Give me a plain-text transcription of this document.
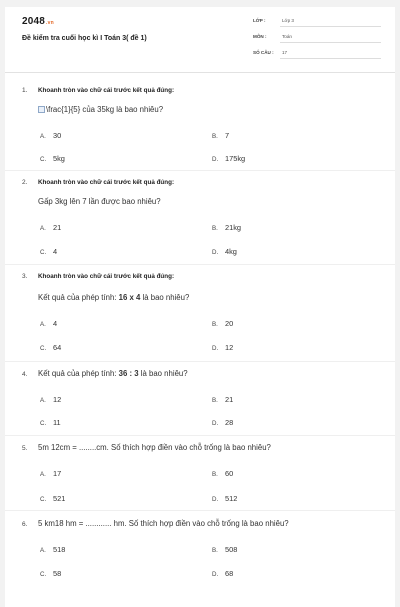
2048.vn
Đề kiểm tra cuối học kì I Toán 3( đề 1)
LỚP :	Lớp 3
MÔN :	Toán
SỐ CÂU : 17
1. Khoanh tròn vào chữ cái trước kết quả đúng:
\frac{1}{5} của 35kg là bao nhiêu?
A. 30	B. 7
C. 5kg	D. 175kg
2. Khoanh tròn vào chữ cái trước kết quả đúng:
Gấp 3kg lên 7 lần được bao nhiêu?
A. 21	B. 21kg
C. 4	D. 4kg
3. Khoanh tròn vào chữ cái trước kết quả đúng:
Kết quả của phép tính: 16 x 4 là bao nhiêu?
A. 4	B. 20
C. 64	D. 12
4. Kết quả của phép tính: 36 : 3 là bao nhiêu?
A. 12	B. 21
C. 11	D. 28
5. 5m 12cm = ........cm. Số thích hợp điền vào chỗ trống là bao nhiêu?
A. 17	B. 60
C. 521	D. 512
6. 5 km18 hm = ............ hm. Số thích hợp điền vào chỗ trống là bao nhiêu?
A. 518	B. 508
C. 58	D. 68
